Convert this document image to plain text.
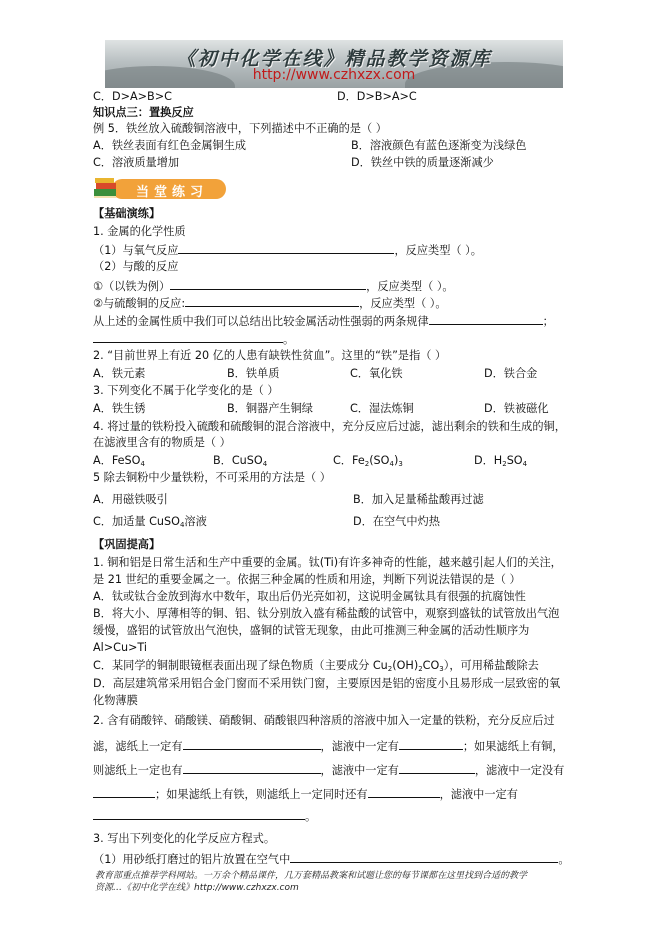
《初中化学在线》精品教学资源库
http://www.czhxzx.com
C．D>A>B>C	D．D>B>A>C
知识点三：置换反应
例 5．铁丝放入硫酸铜溶液中，下列描述中不正确的是（ ）
A．铁丝表面有红色金属铜生成	B．溶液颜色有蓝色逐渐变为浅绿色
C．溶液质量增加	D．铁丝中铁的质量逐渐减少
当堂练习
【基础演练】
1. 金属的化学性质
（1）与氧气反应	，反应类型（ ）。
（2）与酸的反应
①（以铁为例）	，反应类型（ ）。
②与硫酸铜的反应:	，反应类型（ ）。
从上述的金属性质中我们可以总结出比较金属活动性强弱的两条规律	；
。
2. “目前世界上有近 20 亿的人患有缺铁性贫血”。这里的“铁”是指（ ）
A．铁元素	B．铁单质	C．氧化铁	D．铁合金
3. 下列变化不属于化学变化的是（ ）
A．铁生锈	B．铜器产生铜绿	C．湿法炼铜	D．铁被磁化
4. 将过量的铁粉投入硫酸和硫酸铜的混合溶液中，充分反应后过滤，滤出剩余的铁和生成的铜，
在滤液里含有的物质是（ ）
A．FeSO$_4$	B．CuSO$_4$	C．$Fe_2(SO_4)_3$	D．$H_2SO_4$
5 除去铜粉中少量铁粉，不可采用的方法是（ ）
A．用磁铁吸引	B．加入足量稀盐酸再过滤
C．加适量 CuSO$_4$溶液	D．在空气中灼热
【巩固提高】
1. 铜和铝是日常生活和生产中重要的金属。钛(Ti)有许多神奇的性能，越来越引起人们的关注，
是 21 世纪的重要金属之一。依据三种金属的性质和用途，判断下列说法错误的是（ ）
A．钛或钛合金放到海水中数年，取出后仍光亮如初，这说明金属钛具有很强的抗腐蚀性
B．将大小、厚薄相等的铜、铝、钛分别放入盛有稀盐酸的试管中，观察到盛钛的试管放出气泡
缓慢，盛铝的试管放出气泡快，盛铜的试管无现象，由此可推测三种金属的活动性顺序为
Al>Cu>Ti
C．某同学的铜制眼镜框表面出现了绿色物质（主要成分 $Cu_2(OH)_2CO_3$），可用稀盐酸除去
D．高层建筑常采用铝合金门窗而不采用铁门窗，主要原因是铝的密度小且易形成一层致密的氧
化物薄膜
2. 含有硝酸锌、硝酸镁、硝酸铜、硝酸银四种溶质的溶液中加入一定量的铁粉，充分反应后过
滤，滤纸上一定有	，滤液中一定有	；如果滤纸上有铜，
则滤纸上一定也有	，滤液中一定有	，滤液中一定没有
；如果滤纸上有铁，则滤纸上一定同时还有	，滤液中一定有
。
3. 写出下列变化的化学反应方程式。
（1）用砂纸打磨过的铝片放置在空气中	。
教育部重点推荐学科网站。一万余个精品课件，几万套精品教案和试题让您的每节课都在这里找到合适的教学
资源…《初中化学在线》http://www.czhxzx.com
